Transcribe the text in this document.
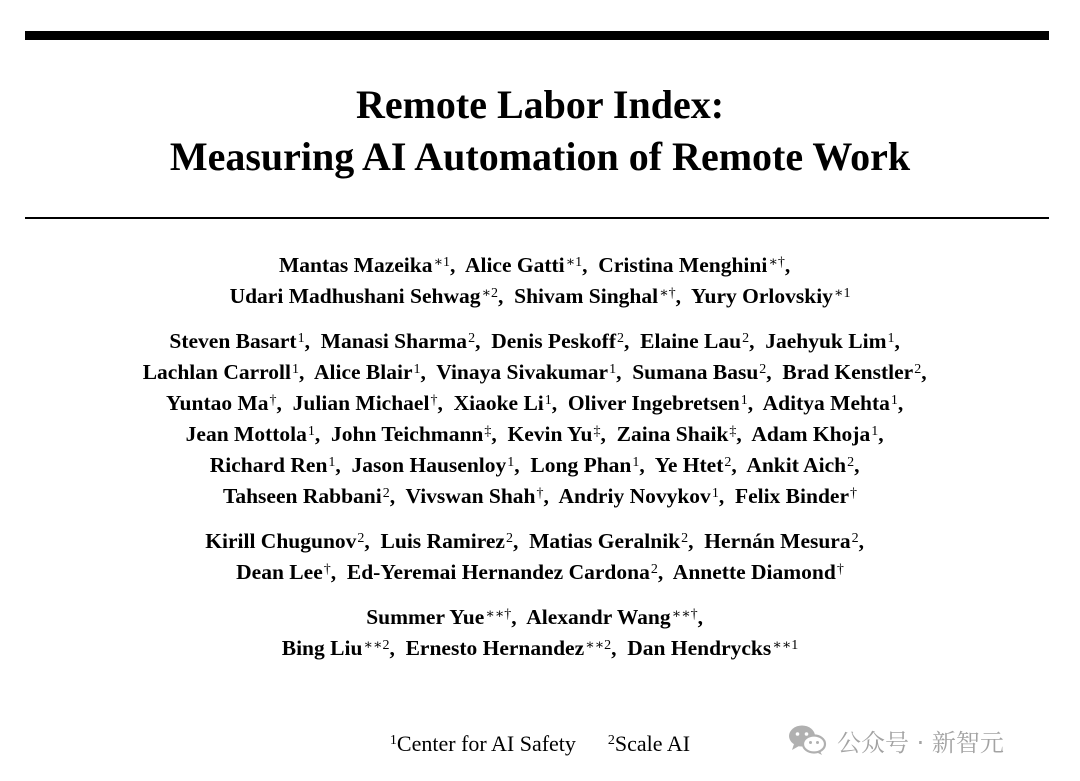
Remote Labor Index:
Measuring AI Automation of Remote Work
Mantas Mazeika$^{∗1}$,  Alice Gatti$^{∗1}$,  Cristina Menghini∗†,
Udari Madhushani Sehwag$^{∗2}$,  Shivam Singhal∗†,  Yury Orlovskiy$^{∗1}$
Steven Basart$^1$,  Manasi Sharma$^2$,  Denis Peskoff$^2$,  Elaine Lau$^2$,  Jaehyuk Lim$^1$,
Lachlan Carroll$^1$,  Alice Blair$^1$,  Vinaya Sivakumar$^1$,  Sumana Basu$^2$,  Brad Kenstler$^2$,
Yuntao Ma†,  Julian Michael†,  Xiaoke Li$^1$,  Oliver Ingebretsen$^1$,  Aditya Mehta$^1$,
Jean Mottola$^1$,  John Teichmann‡,  Kevin Yu‡,  Zaina Shaik‡,  Adam Khoja$^1$,
Richard Ren$^1$,  Jason Hausenloy$^1$,  Long Phan$^1$,  Ye Htet$^2$,  Ankit Aich$^2$,
Tahseen Rabbani$^2$,  Vivswan Shah†,  Andriy Novykov$^1$,  Felix Binder†
Kirill Chugunov$^2$,  Luis Ramirez$^2$,  Matias Geralnik$^2$,  Hernán Mesura$^2$,
Dean Lee†,  Ed-Yeremai Hernandez Cardona$^2$,  Annette Diamond†
Summer Yue∗∗†,  Alexandr Wang∗∗†,
Bing Liu$^{∗∗2}$,  Ernesto Hernandez$^{∗∗2}$,  Dan Hendrycks$^{∗∗1}$
$^1$Center for AI Safety $^2$Scale AI	公众号 · 新智元
